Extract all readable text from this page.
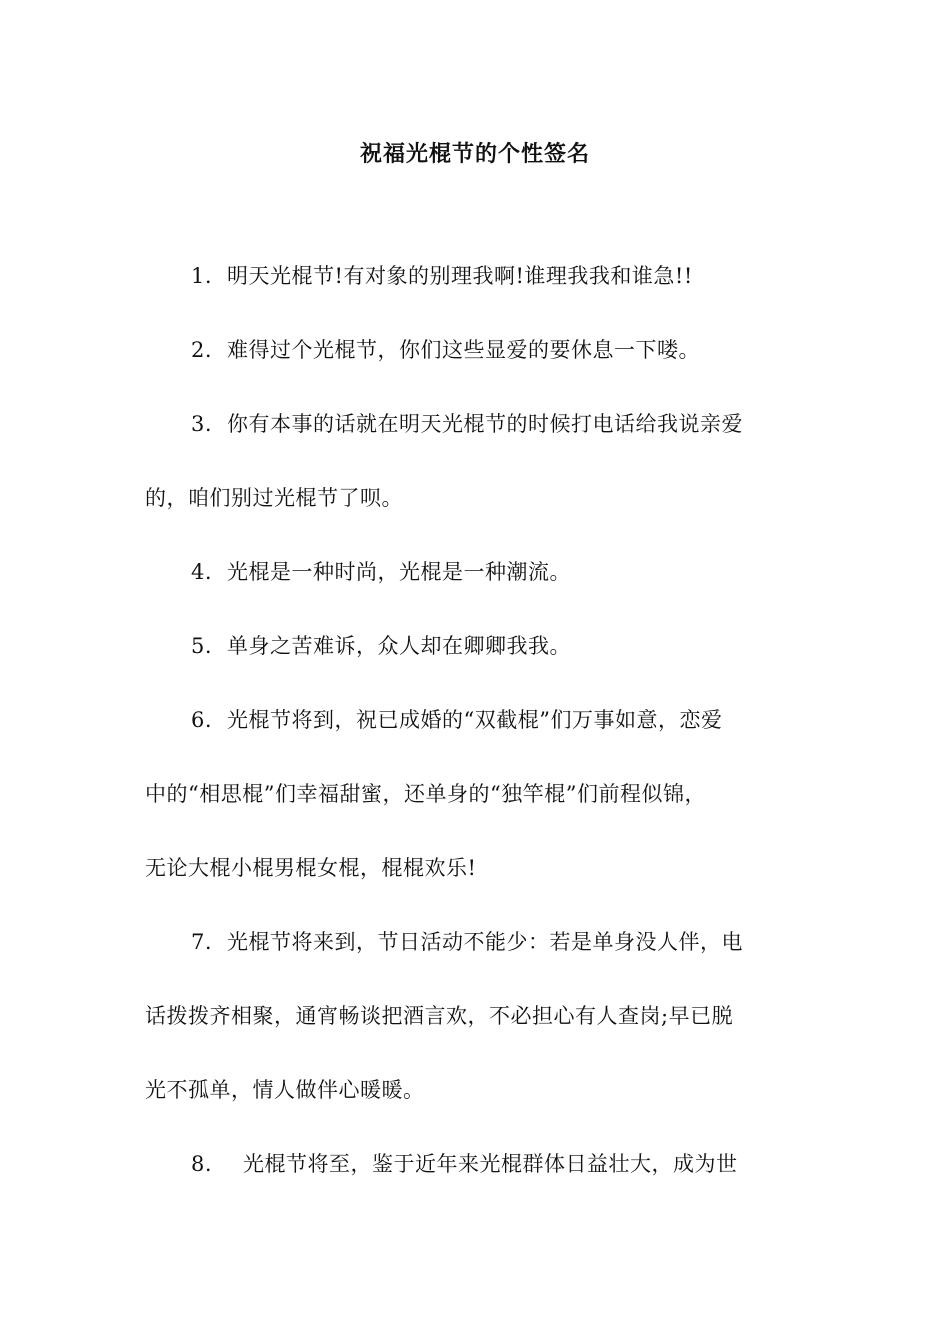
祝福光棍节的个性签名
1. 明天光棍节!有对象的别理我啊!谁理我我和谁急!!
2. 难得过个光棍节，你们这些显爱的要休息一下喽。
3. 你有本事的话就在明天光棍节的时候打电话给我说亲爱
的，咱们别过光棍节了呗。
4. 光棍是一种时尚，光棍是一种潮流。
5. 单身之苦难诉，众人却在卿卿我我。
6. 光棍节将到，祝已成婚的“双截棍”们万事如意，恋爱
中的“相思棍”们幸福甜蜜，还单身的“独竿棍”们前程似锦，
无论大棍小棍男棍女棍，棍棍欢乐!
7. 光棍节将来到，节日活动不能少：若是单身没人伴，电
话拨拨齐相聚，通宵畅谈把酒言欢，不必担心有人查岗;早已脱
光不孤单，情人做伴心暖暖。
8. 光棍节将至，鉴于近年来光棍群体日益壮大，成为世
